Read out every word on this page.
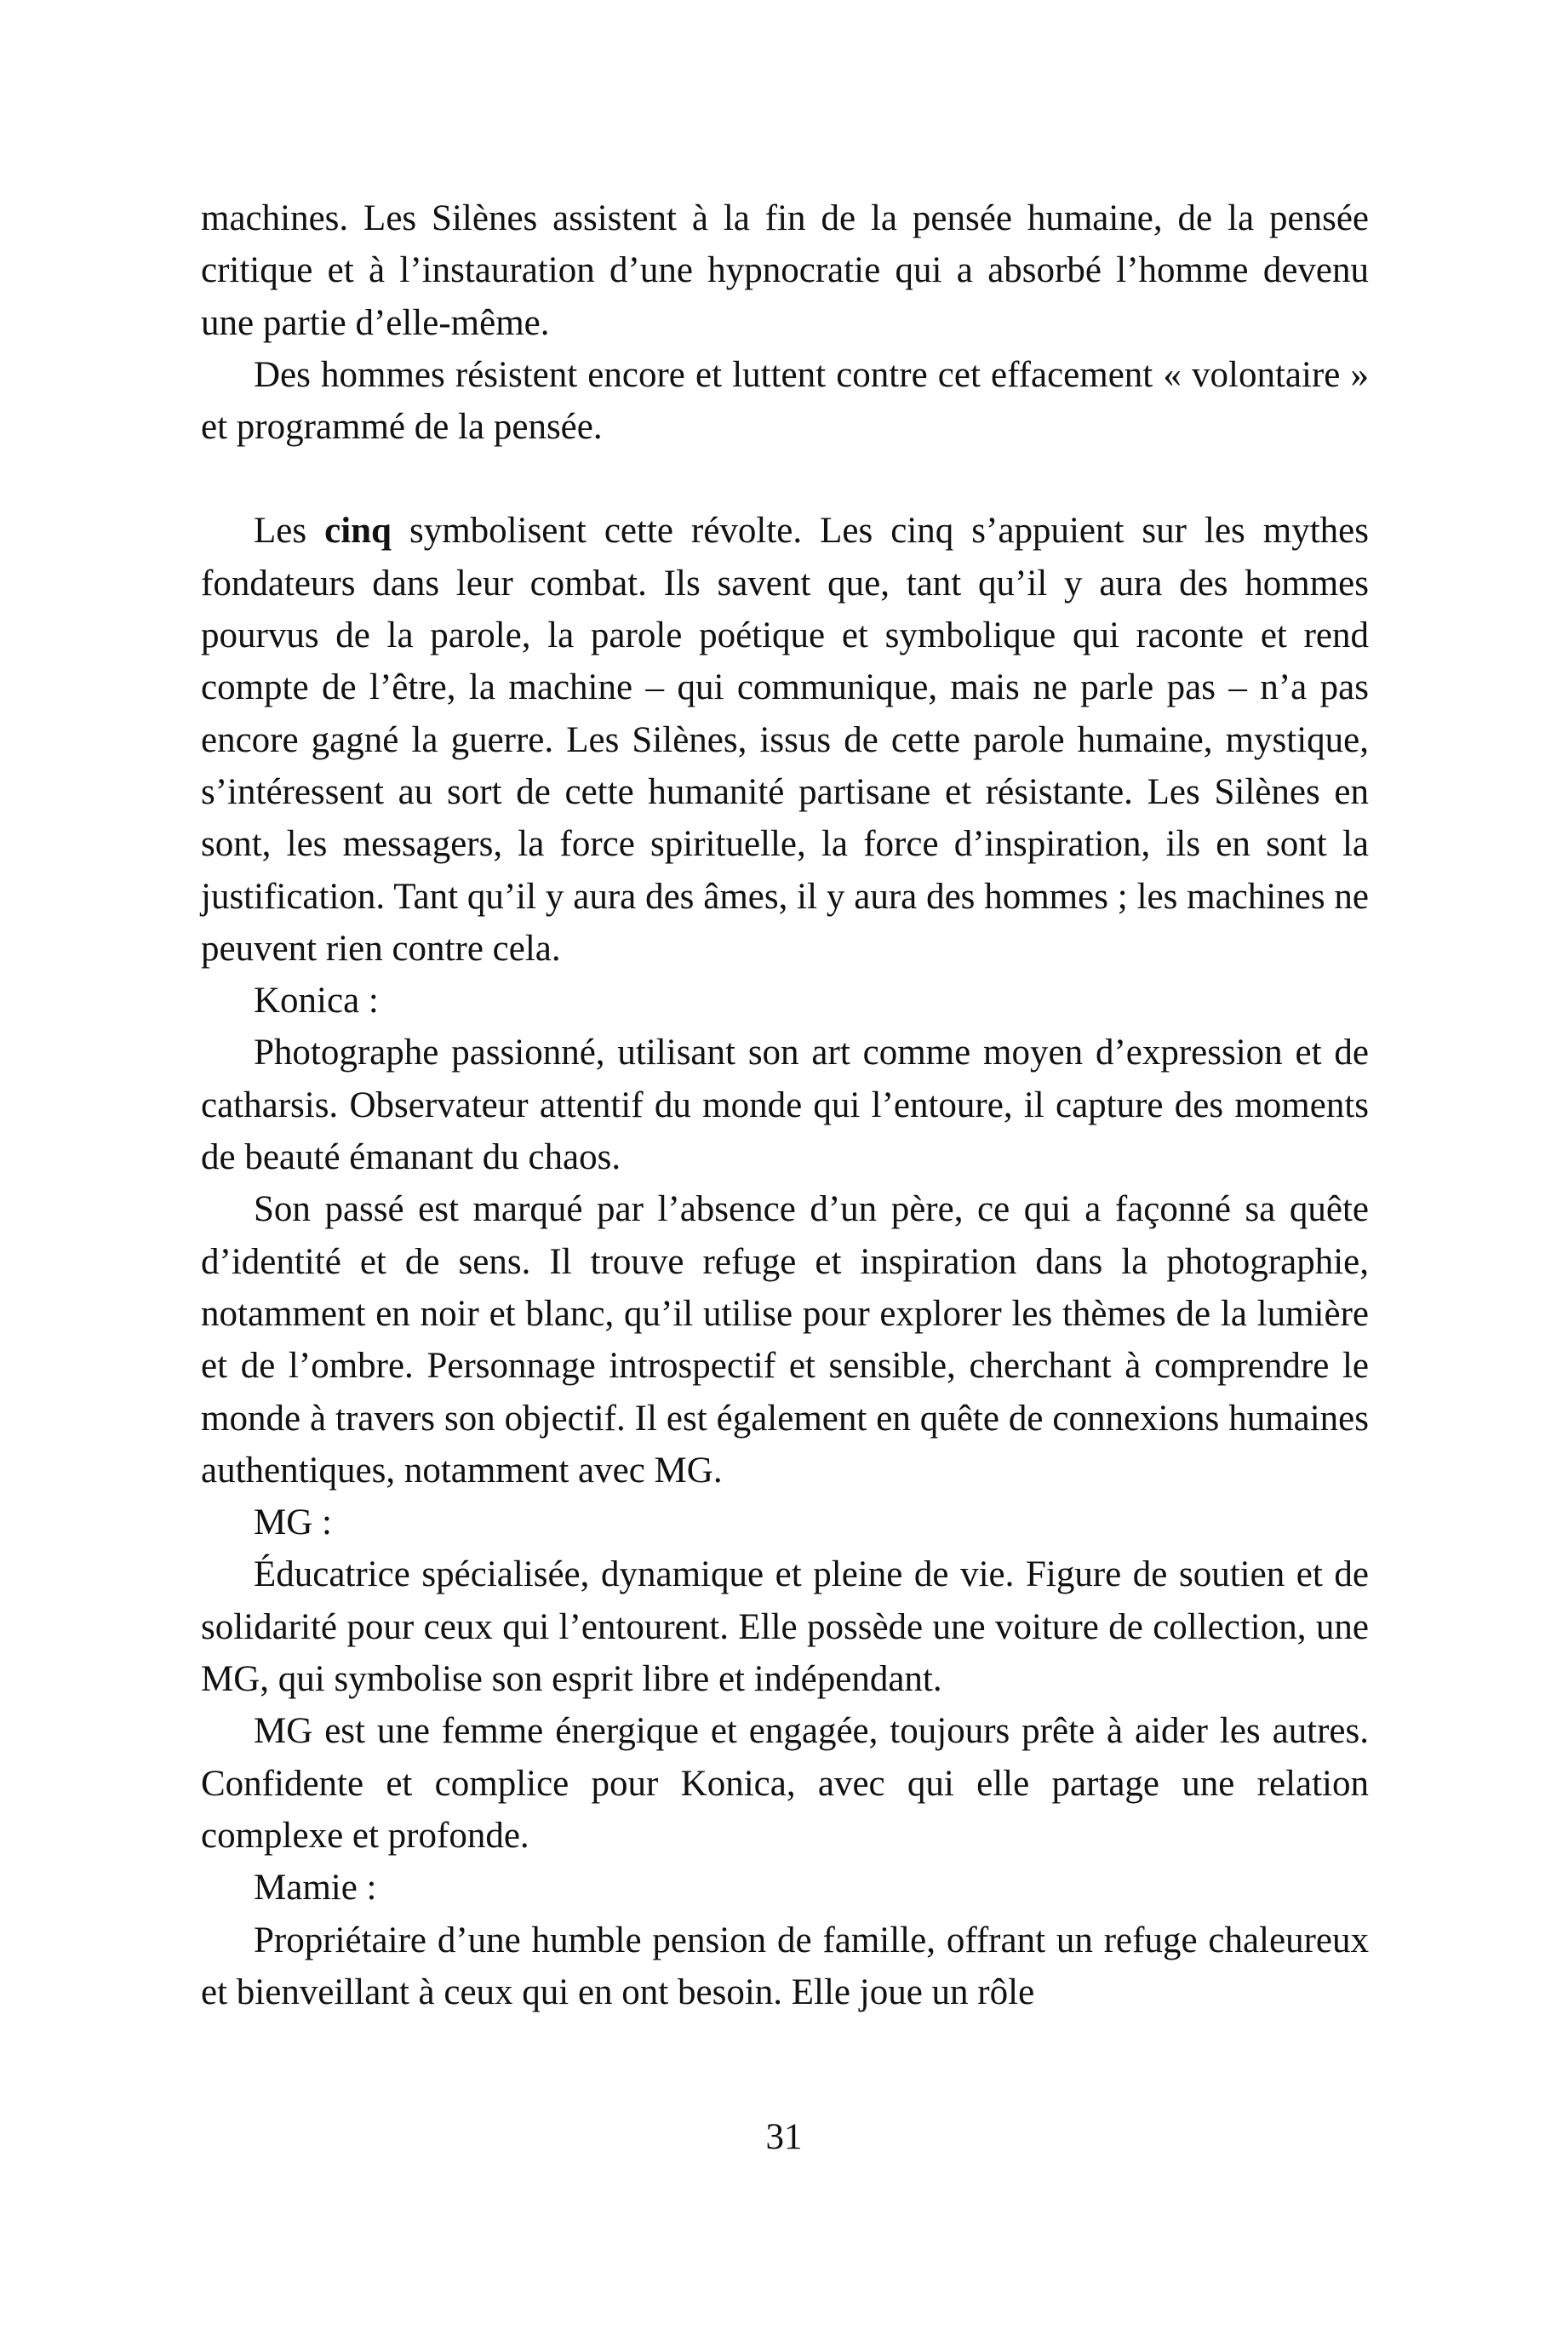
machines. Les Silènes assistent à la fin de la pensée humaine, de la pensée critique et à l’instauration d’une hypnocratie qui a absorbé l’homme devenu une partie d’elle-même.

Des hommes résistent encore et luttent contre cet effacement « volontaire » et programmé de la pensée.

Les cinq symbolisent cette révolte. Les cinq s’appuient sur les mythes fondateurs dans leur combat. Ils savent que, tant qu’il y aura des hommes pourvus de la parole, la parole poétique et symbolique qui raconte et rend compte de l’être, la machine – qui communique, mais ne parle pas – n’a pas encore gagné la guerre. Les Silènes, issus de cette parole humaine, mystique, s’intéressent au sort de cette humanité partisane et résistante. Les Silènes en sont, les messagers, la force spirituelle, la force d’inspiration, ils en sont la justification. Tant qu’il y aura des âmes, il y aura des hommes ; les machines ne peuvent rien contre cela.

Konica :

Photographe passionné, utilisant son art comme moyen d’expression et de catharsis. Observateur attentif du monde qui l’entoure, il capture des moments de beauté émanant du chaos.

Son passé est marqué par l’absence d’un père, ce qui a façonné sa quête d’identité et de sens. Il trouve refuge et inspiration dans la photographie, notamment en noir et blanc, qu’il utilise pour explorer les thèmes de la lumière et de l’ombre. Personnage introspectif et sensible, cherchant à comprendre le monde à travers son objectif. Il est également en quête de connexions humaines authentiques, notamment avec MG.

MG :

Éducatrice spécialisée, dynamique et pleine de vie. Figure de soutien et de solidarité pour ceux qui l’entourent. Elle possède une voiture de collection, une MG, qui symbolise son esprit libre et indépendant.

MG est une femme énergique et engagée, toujours prête à aider les autres. Confidente et complice pour Konica, avec qui elle partage une relation complexe et profonde.

Mamie :

Propriétaire d’une humble pension de famille, offrant un refuge chaleureux et bienveillant à ceux qui en ont besoin. Elle joue un rôle

31
